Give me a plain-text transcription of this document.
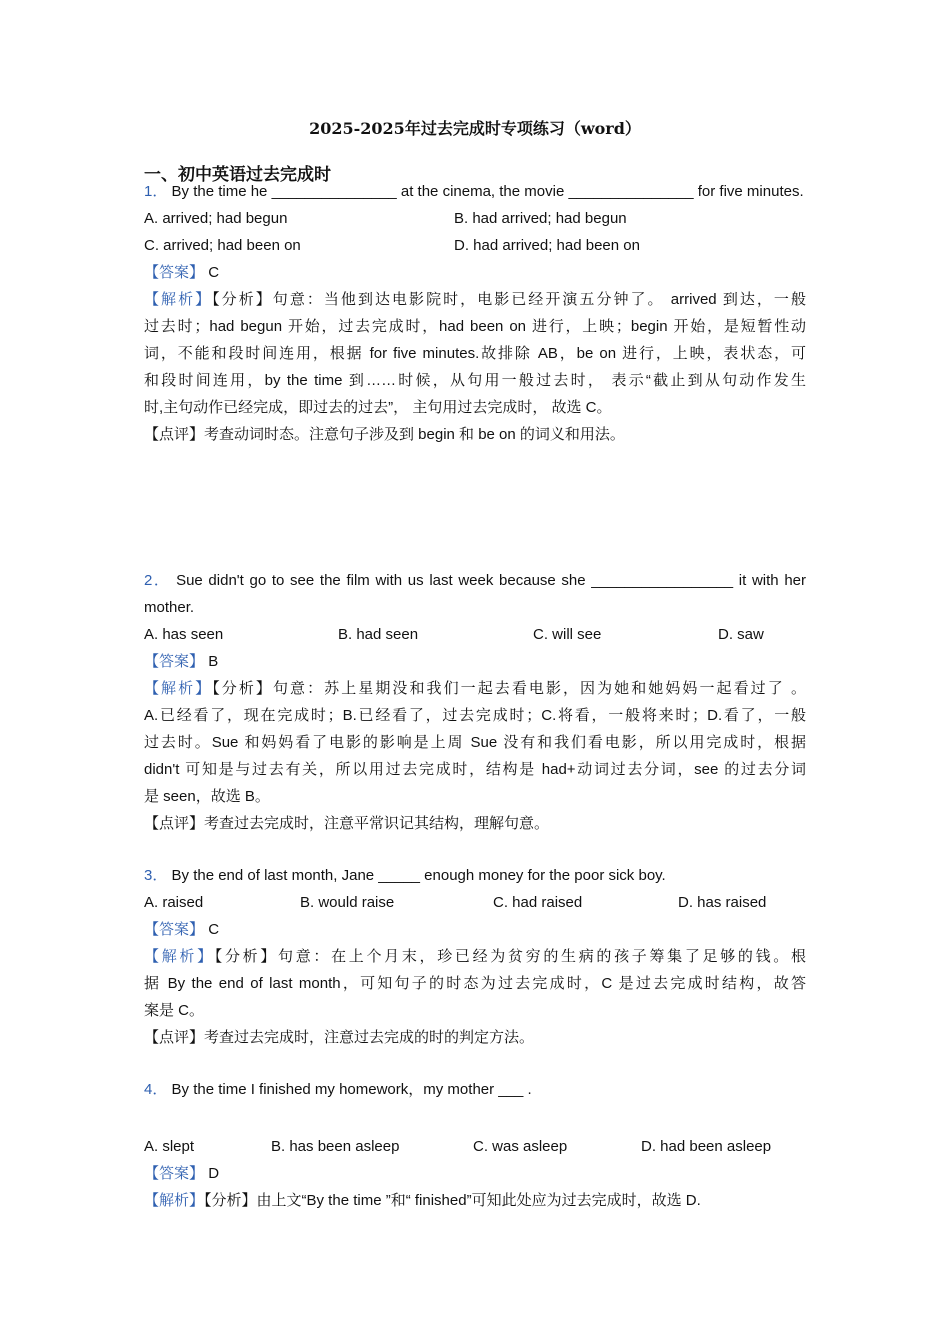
2025-2025年过去完成时专项练习（word）
一、初中英语过去完成时
1． By the time he _______________ at the cinema, the movie _______________ for five minutes.
A. arrived; had begun	B. had arrived; had begun
C. arrived; had been on	D. had arrived; had been on
【答案】 C
【解析】【分析】句意：当他到达电影院时，电影已经开演五分钟了。 arrived 到达，一般
过去时；had begun 开始，过去完成时，had been on 进行，上映；begin 开始，是短暂性动
词，不能和段时间连用，根据 for five minutes.故排除 AB，be on 进行，上映，表状态，可
和段时间连用，by the time 到……时候，从句用一般过去时， 表示“截止到从句动作发生
时,主句动作已经完成，即过去的过去”， 主句用过去完成时， 故选 C。
【点评】考查动词时态。注意句子涉及到 begin 和 be on 的词义和用法。
2． Sue didn't go to see the film with us last week because she _________________ it with her
mother.
A. has seen	B. had seen	C. will see	D. saw
【答案】 B
【解析】【分析】句意：苏上星期没和我们一起去看电影，因为她和她妈妈一起看过了 。
A.已经看了，现在完成时；B.已经看了，过去完成时；C.将看，一般将来时；D.看了，一般
过去时。Sue 和妈妈看了电影的影响是上周 Sue 没有和我们看电影，所以用完成时，根据
didn't 可知是与过去有关，所以用过去完成时，结构是 had+动词过去分词，see 的过去分词
是 seen，故选 B。
【点评】考查过去完成时，注意平常识记其结构，理解句意。
3． By the end of last month, Jane _____ enough money for the poor sick boy.
A. raised	B. would raise	C. had raised	D. has raised
【答案】 C
【解析】【分析】句意：在上个月末，珍已经为贫穷的生病的孩子筹集了足够的钱。根
据 By the end of last month，可知句子的时态为过去完成时，C 是过去完成时结构，故答
案是 C。
【点评】考查过去完成时，注意过去完成的时的判定方法。
4． By the time I finished my homework，my mother ___ .
A. slept	B. has been asleep	C. was asleep	D. had been asleep
【答案】 D
【解析】【分析】由上文“By the time ”和“ finished”可知此处应为过去完成时，故选 D.
